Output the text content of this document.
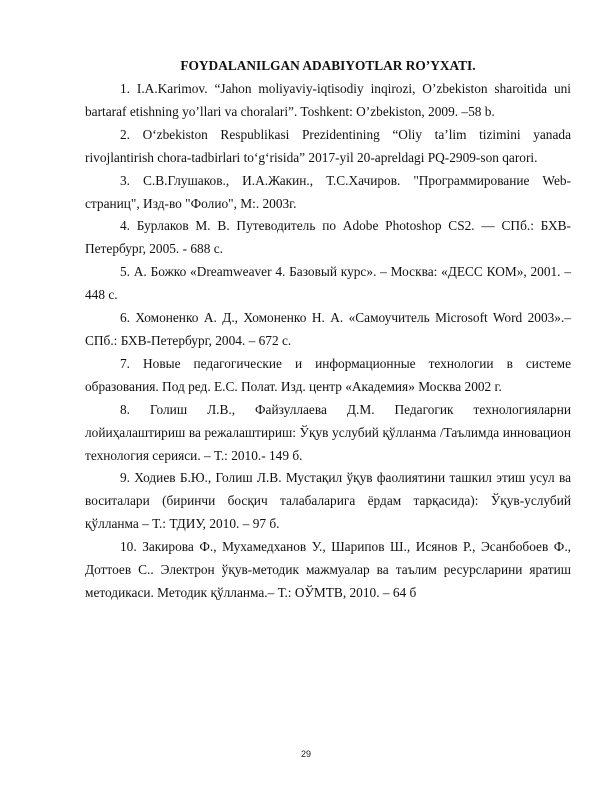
FOYDALANILGAN ADABIYOTLAR RO’YXATI.

1. I.A.Karimov. “Jahon moliyaviy-iqtisodiy inqirozi, O’zbekiston sharoitida uni bartaraf etishning yo’llari va choralari”. Toshkent: O’zbekiston, 2009. –58 b.

2. O‘zbekiston Respublikasi Prezidentining “Oliy ta’lim tizimini yanada rivojlantirish chora-tadbirlari to‘g‘risida” 2017-yil 20-apreldagi PQ-2909-son qarori.

3. С.В.Глушаков., И.А.Жакин., Т.С.Хачиров. "Программирование Web-страниц", Изд-во "Фолио", М:. 2003г.

4. Бурлаков М. В. Путеводитель по Adobe Photoshop CS2. — СПб.: БХВ-Петербург, 2005. - 688 с.

5. А. Божко «Dreamweaver 4. Базовый курс». – Москва: «ДЕСС КОМ», 2001. – 448 с.

6. Хомоненко А. Д., Хомоненко Н. А. «Самоучитель Microsoft Word 2003».– СПб.: БХВ-Петербург, 2004. – 672 с.

7. Новые педагогические и информационные технологии в системе образования. Под ред. Е.С. Полат. Изд. центр «Академия» Москва 2002 г.

8. Голиш Л.В., Файзуллаева Д.М. Педагогик технологияларни лойиҳалаштириш ва режалаштириш: Ўқув услубий қўлланма /Таълимда инновацион технология серияси. – Т.: 2010.- 149 б.

9. Ходиев Б.Ю., Голиш Л.В. Мустақил ўқув фаолиятини ташкил этиш усул ва воситалари (биринчи босқич талабаларига ёрдам тарқасида): Ўқув-услубий қўлланма – Т.: ТДИУ, 2010. – 97 б.

10. Закирова Ф., Мухамедханов У., Шарипов Ш., Исянов Р., Эсанбобоев Ф., Доттоев С.. Электрон ўқув-методик мажмуалар ва таълим ресурсларини яратиш методикаси. Методик қўлланма.– Т.: ОЎМТВ, 2010. – 64 б

29
